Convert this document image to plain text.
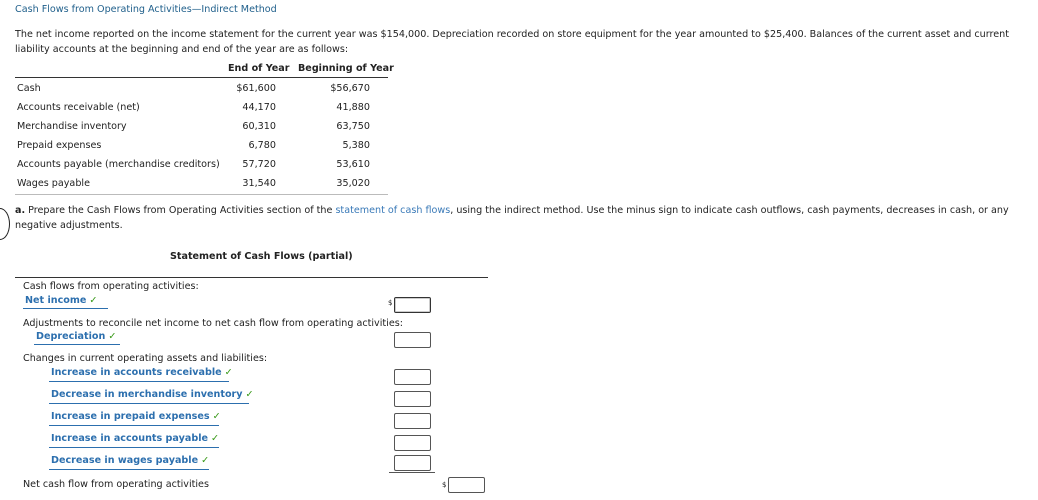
Cash Flows from Operating Activities—Indirect Method
The net income reported on the income statement for the current year was $154,000. Depreciation recorded on store equipment for the year amounted to $25,400. Balances of the current asset and current liability accounts at the beginning and end of the year are as follows:
End of Year Beginning of Year
Cash	$61,600	$56,670
Accounts receivable (net)	44,170	41,880
Merchandise inventory	60,310	63,750
Prepaid expenses	6,780	5,380
Accounts payable (merchandise creditors)	57,720	53,610
Wages payable	31,540	35,020
a. Prepare the Cash Flows from Operating Activities section of the statement of cash flows, using the indirect method. Use the minus sign to indicate cash outflows, cash payments, decreases in cash, or any negative adjustments.
Statement of Cash Flows (partial)
Cash flows from operating activities:
Net income ✓	$
Adjustments to reconcile net income to net cash flow from operating activities:
Depreciation ✓
Changes in current operating assets and liabilities:
Increase in accounts receivable ✓
Decrease in merchandise inventory ✓
Increase in prepaid expenses ✓
Increase in accounts payable ✓
Decrease in wages payable ✓
Net cash flow from operating activities	$
